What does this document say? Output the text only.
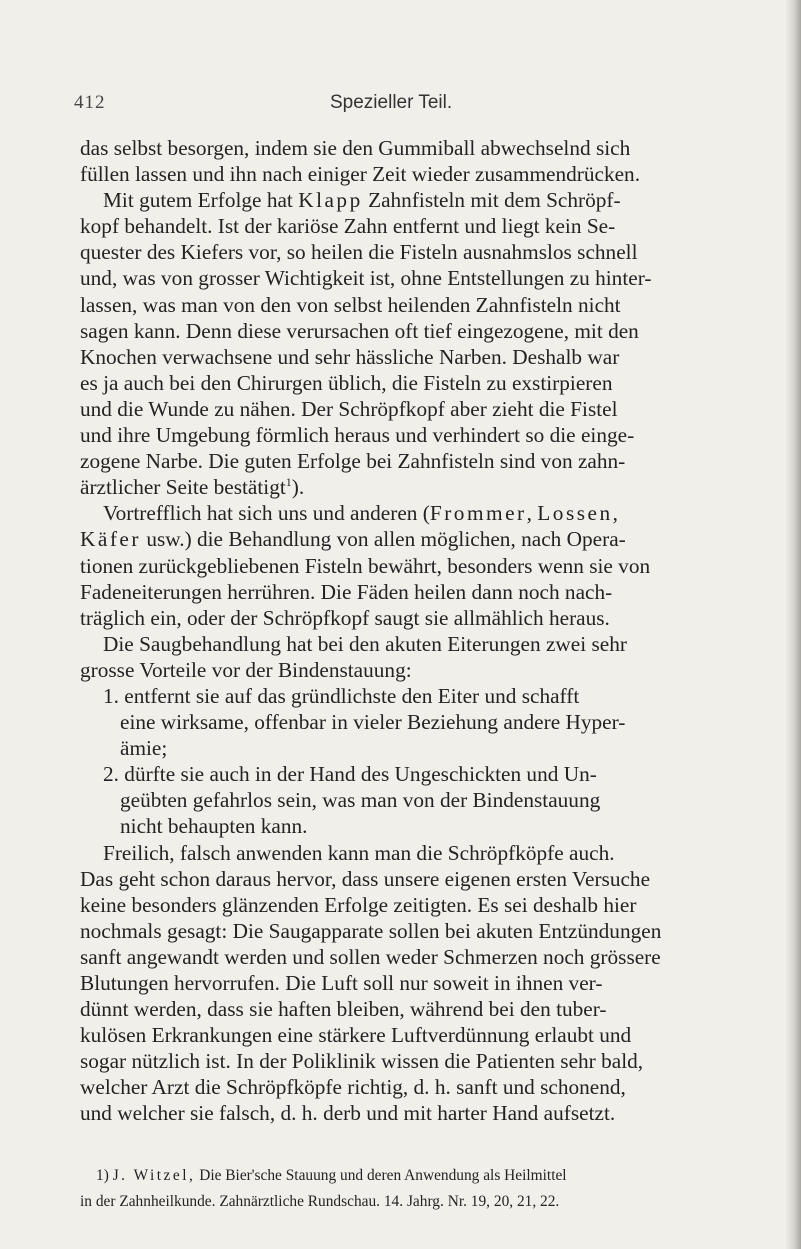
412	Spezieller Teil.
das selbst besorgen, indem sie den Gummiball abwechselnd sich
füllen lassen und ihn nach einiger Zeit wieder zusammendrücken.
Mit gutem Erfolge hat Klapp Zahnfisteln mit dem Schröpf-
kopf behandelt. Ist der kariöse Zahn entfernt und liegt kein Se-
quester des Kiefers vor, so heilen die Fisteln ausnahmslos schnell
und, was von grosser Wichtigkeit ist, ohne Entstellungen zu hinter-
lassen, was man von den von selbst heilenden Zahnfisteln nicht
sagen kann. Denn diese verursachen oft tief eingezogene, mit den
Knochen verwachsene und sehr hässliche Narben. Deshalb war
es ja auch bei den Chirurgen üblich, die Fisteln zu exstirpieren
und die Wunde zu nähen. Der Schröpfkopf aber zieht die Fistel
und ihre Umgebung förmlich heraus und verhindert so die einge-
zogene Narbe. Die guten Erfolge bei Zahnfisteln sind von zahn-
ärztlicher Seite bestätigt$^1$).
Vortrefflich hat sich uns und anderen (Frommer, Lossen,
Käfer usw.) die Behandlung von allen möglichen, nach Opera-
tionen zurückgebliebenen Fisteln bewährt, besonders wenn sie von
Fadeneiterungen herrühren. Die Fäden heilen dann noch nach-
träglich ein, oder der Schröpfkopf saugt sie allmählich heraus.
Die Saugbehandlung hat bei den akuten Eiterungen zwei sehr
grosse Vorteile vor der Bindenstauung:
1. entfernt sie auf das gründlichste den Eiter und schafft
eine wirksame, offenbar in vieler Beziehung andere Hyper-
ämie;
2. dürfte sie auch in der Hand des Ungeschickten und Un-
geübten gefahrlos sein, was man von der Bindenstauung
nicht behaupten kann.
Freilich, falsch anwenden kann man die Schröpfköpfe auch.
Das geht schon daraus hervor, dass unsere eigenen ersten Versuche
keine besonders glänzenden Erfolge zeitigten. Es sei deshalb hier
nochmals gesagt: Die Saugapparate sollen bei akuten Entzündungen
sanft angewandt werden und sollen weder Schmerzen noch grössere
Blutungen hervorrufen. Die Luft soll nur soweit in ihnen ver-
dünnt werden, dass sie haften bleiben, während bei den tuber-
kulösen Erkrankungen eine stärkere Luftverdünnung erlaubt und
sogar nützlich ist. In der Poliklinik wissen die Patienten sehr bald,
welcher Arzt die Schröpfköpfe richtig, d. h. sanft und schonend,
und welcher sie falsch, d. h. derb und mit harter Hand aufsetzt.
1) J. Witzel, Die Bier'sche Stauung und deren Anwendung als Heilmittel
in der Zahnheilkunde. Zahnärztliche Rundschau. 14. Jahrg. Nr. 19, 20, 21, 22.
